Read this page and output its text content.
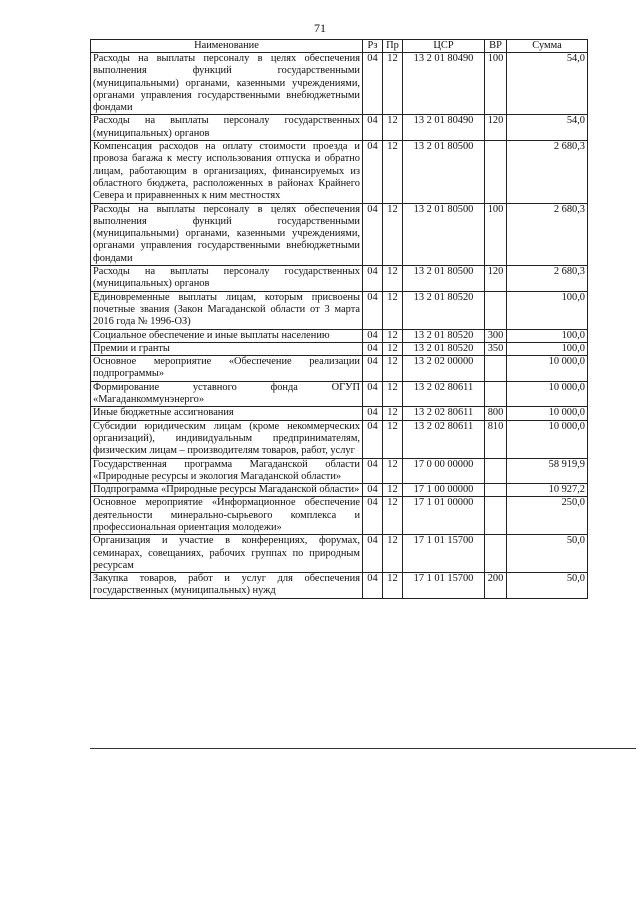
71
Наименование	Рз	Пр	ЦСР	ВР	Сумма
Расходы на выплаты персоналу в целях обеспечения выполнения функций государственными (муниципальными) органами, казенными учреждениями, органами управления государственными внебюджетными фондами	04	12	13 2 01 80490	100	54,0
Расходы на выплаты персоналу государственных (муниципальных) органов	04	12	13 2 01 80490	120	54,0
Компенсация расходов на оплату стоимости проезда и провоза багажа к месту использования отпуска и обратно лицам, работающим в организациях, финансируемых из областного бюджета, расположенных в районах Крайнего Севера и приравненных к ним местностях	04	12	13 2 01 80500		2 680,3
Расходы на выплаты персоналу в целях обеспечения выполнения функций государственными (муниципальными) органами, казенными учреждениями, органами управления государственными внебюджетными фондами	04	12	13 2 01 80500	100	2 680,3
Расходы на выплаты персоналу государственных (муниципальных) органов	04	12	13 2 01 80500	120	2 680,3
Единовременные выплаты лицам, которым присвоены почетные звания (Закон Магаданской области от 3 марта 2016 года № 1996-ОЗ)	04	12	13 2 01 80520		100,0
Социальное обеспечение и иные выплаты населению	04	12	13 2 01 80520	300	100,0
Премии и гранты	04	12	13 2 01 80520	350	100,0
Основное мероприятие «Обеспечение реализации подпрограммы»	04	12	13 2 02 00000		10 000,0
Формирование уставного фонда ОГУП «Магаданкоммунэнерго»	04	12	13 2 02 80611		10 000,0
Иные бюджетные ассигнования	04	12	13 2 02 80611	800	10 000,0
Субсидии юридическим лицам (кроме некоммерческих организаций), индивидуальным предпринимателям, физическим лицам – производителям товаров, работ, услуг	04	12	13 2 02 80611	810	10 000,0
Государственная программа Магаданской области «Природные ресурсы и экология Магаданской области»	04	12	17 0 00 00000		58 919,9
Подпрограмма «Природные ресурсы Магаданской области»	04	12	17 1 00 00000		10 927,2
Основное мероприятие «Информационное обеспечение деятельности минерально-сырьевого комплекса и профессиональная ориентация молодежи»	04	12	17 1 01 00000		250,0
Организация и участие в конференциях, форумах, семинарах, совещаниях, рабочих группах по природным ресурсам	04	12	17 1 01 15700		50,0
Закупка товаров, работ и услуг для обеспечения государственных (муниципальных) нужд	04	12	17 1 01 15700	200	50,0
